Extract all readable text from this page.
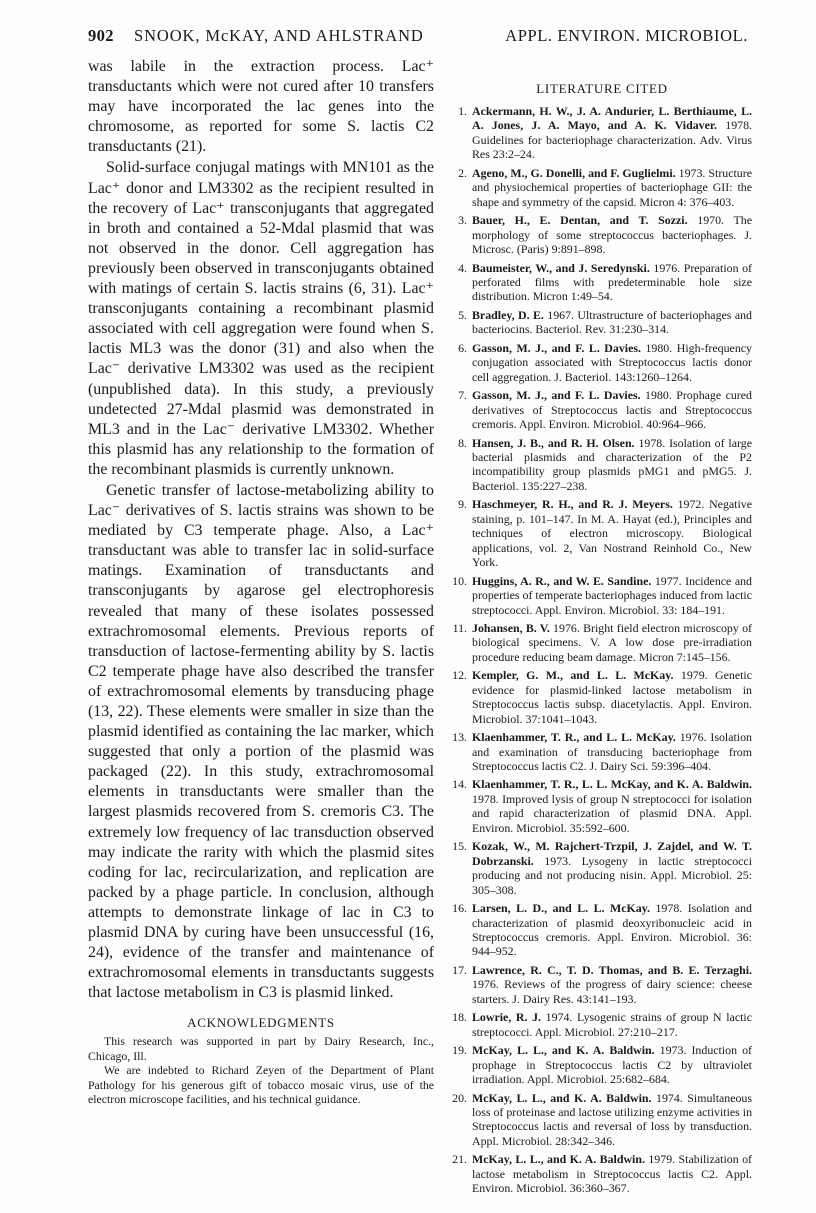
902 SNOOK, McKAY, AND AHLSTRAND	APPL. ENVIRON. MICROBIOL.

was labile in the extraction process. Lac⁺ transductants which were not cured after 10 transfers may have incorporated the lac genes into the chromosome, as reported for some S. lactis C2 transductants (21).

Solid-surface conjugal matings with MN101 as the Lac⁺ donor and LM3302 as the recipient resulted in the recovery of Lac⁺ transconjugants that aggregated in broth and contained a 52-Mdal plasmid that was not observed in the donor. Cell aggregation has previously been observed in transconjugants obtained with matings of certain S. lactis strains (6, 31). Lac⁺ transconjugants containing a recombinant plasmid associated with cell aggregation were found when S. lactis ML3 was the donor (31) and also when the Lac⁻ derivative LM3302 was used as the recipient (unpublished data). In this study, a previously undetected 27-Mdal plasmid was demonstrated in ML3 and in the Lac⁻ derivative LM3302. Whether this plasmid has any relationship to the formation of the recombinant plasmids is currently unknown.

Genetic transfer of lactose-metabolizing ability to Lac⁻ derivatives of S. lactis strains was shown to be mediated by C3 temperate phage. Also, a Lac⁺ transductant was able to transfer lac in solid-surface matings. Examination of transductants and transconjugants by agarose gel electrophoresis revealed that many of these isolates possessed extrachromosomal elements. Previous reports of transduction of lactose-fermenting ability by S. lactis C2 temperate phage have also described the transfer of extrachromosomal elements by transducing phage (13, 22). These elements were smaller in size than the plasmid identified as containing the lac marker, which suggested that only a portion of the plasmid was packaged (22). In this study, extrachromosomal elements in transductants were smaller than the largest plasmids recovered from S. cremoris C3. The extremely low frequency of lac transduction observed may indicate the rarity with which the plasmid sites coding for lac, recircularization, and replication are packed by a phage particle. In conclusion, although attempts to demonstrate linkage of lac in C3 to plasmid DNA by curing have been unsuccessful (16, 24), evidence of the transfer and maintenance of extrachromosomal elements in transductants suggests that lactose metabolism in C3 is plasmid linked.

ACKNOWLEDGMENTS

This research was supported in part by Dairy Research, Inc., Chicago, Ill.

We are indebted to Richard Zeyen of the Department of Plant Pathology for his generous gift of tobacco mosaic virus, use of the electron microscope facilities, and his technical guidance.

LITERATURE CITED
1. Ackermann, H. W., J. A. Andurier, L. Berthiaume, L. A. Jones, J. A. Mayo, and A. K. Vidaver. 1978. Guidelines for bacteriophage characterization. Adv. Virus Res 23:2–24.
2. Ageno, M., G. Donelli, and F. Guglielmi. 1973. Structure and physiochemical properties of bacteriophage GII: the shape and symmetry of the capsid. Micron 4: 376–403.
3. Bauer, H., E. Dentan, and T. Sozzi. 1970. The morphology of some streptococcus bacteriophages. J. Microsc. (Paris) 9:891–898.
4. Baumeister, W., and J. Seredynski. 1976. Preparation of perforated films with predeterminable hole size distribution. Micron 1:49–54.
5. Bradley, D. E. 1967. Ultrastructure of bacteriophages and bacteriocins. Bacteriol. Rev. 31:230–314.
6. Gasson, M. J., and F. L. Davies. 1980. High-frequency conjugation associated with Streptococcus lactis donor cell aggregation. J. Bacteriol. 143:1260–1264.
7. Gasson, M. J., and F. L. Davies. 1980. Prophage cured derivatives of Streptococcus lactis and Streptococcus cremoris. Appl. Environ. Microbiol. 40:964–966.
8. Hansen, J. B., and R. H. Olsen. 1978. Isolation of large bacterial plasmids and characterization of the P2 incompatibility group plasmids pMG1 and pMG5. J. Bacteriol. 135:227–238.
9. Haschmeyer, R. H., and R. J. Meyers. 1972. Negative staining, p. 101–147. In M. A. Hayat (ed.), Principles and techniques of electron microscopy. Biological applications, vol. 2, Van Nostrand Reinhold Co., New York.
10. Huggins, A. R., and W. E. Sandine. 1977. Incidence and properties of temperate bacteriophages induced from lactic streptococci. Appl. Environ. Microbiol. 33: 184–191.
11. Johansen, B. V. 1976. Bright field electron microscopy of biological specimens. V. A low dose pre-irradiation procedure reducing beam damage. Micron 7:145–156.
12. Kempler, G. M., and L. L. McKay. 1979. Genetic evidence for plasmid-linked lactose metabolism in Streptococcus lactis subsp. diacetylactis. Appl. Environ. Microbiol. 37:1041–1043.
13. Klaenhammer, T. R., and L. L. McKay. 1976. Isolation and examination of transducing bacteriophage from Streptococcus lactis C2. J. Dairy Sci. 59:396–404.
14. Klaenhammer, T. R., L. L. McKay, and K. A. Baldwin. 1978. Improved lysis of group N streptococci for isolation and rapid characterization of plasmid DNA. Appl. Environ. Microbiol. 35:592–600.
15. Kozak, W., M. Rajchert-Trzpil, J. Zajdel, and W. T. Dobrzanski. 1973. Lysogeny in lactic streptococci producing and not producing nisin. Appl. Microbiol. 25: 305–308.
16. Larsen, L. D., and L. L. McKay. 1978. Isolation and characterization of plasmid deoxyribonucleic acid in Streptococcus cremoris. Appl. Environ. Microbiol. 36: 944–952.
17. Lawrence, R. C., T. D. Thomas, and B. E. Terzaghi. 1976. Reviews of the progress of dairy science: cheese starters. J. Dairy Res. 43:141–193.
18. Lowrie, R. J. 1974. Lysogenic strains of group N lactic streptococci. Appl. Microbiol. 27:210–217.
19. McKay, L. L., and K. A. Baldwin. 1973. Induction of prophage in Streptococcus lactis C2 by ultraviolet irradiation. Appl. Microbiol. 25:682–684.
20. McKay, L. L., and K. A. Baldwin. 1974. Simultaneous loss of proteinase and lactose utilizing enzyme activities in Streptococcus lactis and reversal of loss by transduction. Appl. Microbiol. 28:342–346.
21. McKay, L. L., and K. A. Baldwin. 1979. Stabilization of lactose metabolism in Streptococcus lactis C2. Appl. Environ. Microbiol. 36:360–367.
